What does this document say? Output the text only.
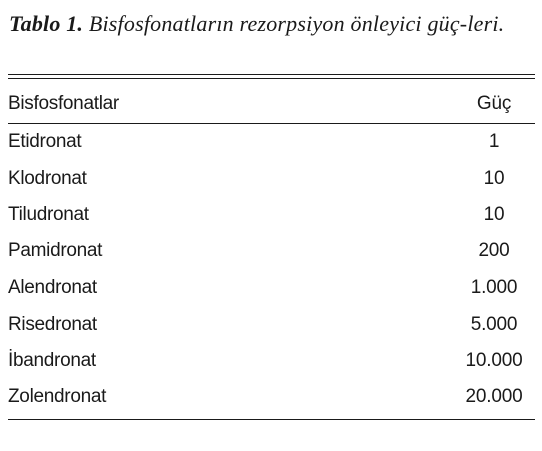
Tablo 1. Bisfosfonatların rezorpsiyon önleyici güç-leri.

Bisfosfonatlar	Güç
Etidronat	1
Klodronat	10
Tiludronat	10
Pamidronat	200
Alendronat	1.000
Risedronat	5.000
İbandronat	10.000
Zolendronat	20.000
